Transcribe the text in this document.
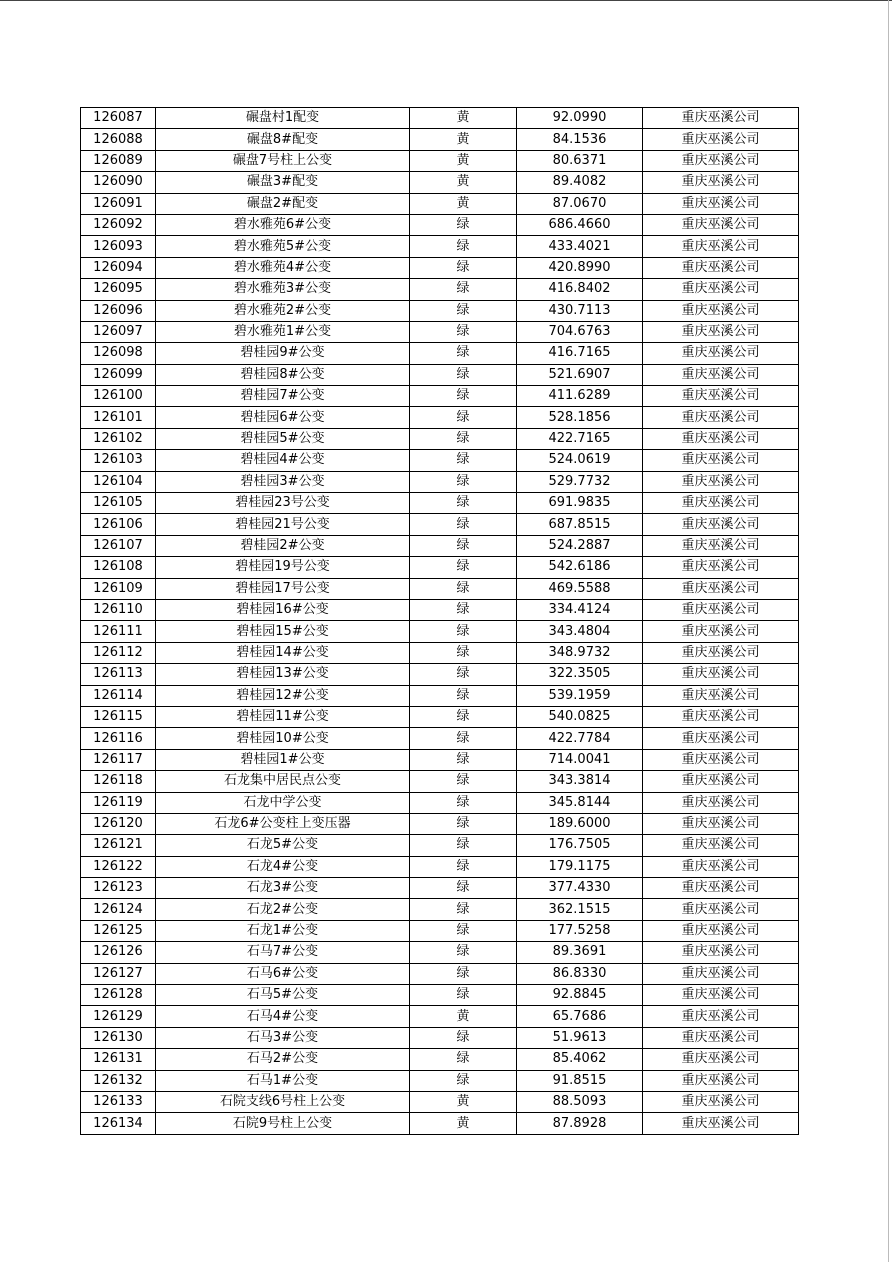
126087	碾盘村1配变	黄	92.0990	重庆巫溪公司
126088	碾盘8#配变	黄	84.1536	重庆巫溪公司
126089	碾盘7号柱上公变	黄	80.6371	重庆巫溪公司
126090	碾盘3#配变	黄	89.4082	重庆巫溪公司
126091	碾盘2#配变	黄	87.0670	重庆巫溪公司
126092	碧水雅苑6#公变	绿	686.4660	重庆巫溪公司
126093	碧水雅苑5#公变	绿	433.4021	重庆巫溪公司
126094	碧水雅苑4#公变	绿	420.8990	重庆巫溪公司
126095	碧水雅苑3#公变	绿	416.8402	重庆巫溪公司
126096	碧水雅苑2#公变	绿	430.7113	重庆巫溪公司
126097	碧水雅苑1#公变	绿	704.6763	重庆巫溪公司
126098	碧桂园9#公变	绿	416.7165	重庆巫溪公司
126099	碧桂园8#公变	绿	521.6907	重庆巫溪公司
126100	碧桂园7#公变	绿	411.6289	重庆巫溪公司
126101	碧桂园6#公变	绿	528.1856	重庆巫溪公司
126102	碧桂园5#公变	绿	422.7165	重庆巫溪公司
126103	碧桂园4#公变	绿	524.0619	重庆巫溪公司
126104	碧桂园3#公变	绿	529.7732	重庆巫溪公司
126105	碧桂园23号公变	绿	691.9835	重庆巫溪公司
126106	碧桂园21号公变	绿	687.8515	重庆巫溪公司
126107	碧桂园2#公变	绿	524.2887	重庆巫溪公司
126108	碧桂园19号公变	绿	542.6186	重庆巫溪公司
126109	碧桂园17号公变	绿	469.5588	重庆巫溪公司
126110	碧桂园16#公变	绿	334.4124	重庆巫溪公司
126111	碧桂园15#公变	绿	343.4804	重庆巫溪公司
126112	碧桂园14#公变	绿	348.9732	重庆巫溪公司
126113	碧桂园13#公变	绿	322.3505	重庆巫溪公司
126114	碧桂园12#公变	绿	539.1959	重庆巫溪公司
126115	碧桂园11#公变	绿	540.0825	重庆巫溪公司
126116	碧桂园10#公变	绿	422.7784	重庆巫溪公司
126117	碧桂园1#公变	绿	714.0041	重庆巫溪公司
126118	石龙集中居民点公变	绿	343.3814	重庆巫溪公司
126119	石龙中学公变	绿	345.8144	重庆巫溪公司
126120	石龙6#公变柱上变压器	绿	189.6000	重庆巫溪公司
126121	石龙5#公变	绿	176.7505	重庆巫溪公司
126122	石龙4#公变	绿	179.1175	重庆巫溪公司
126123	石龙3#公变	绿	377.4330	重庆巫溪公司
126124	石龙2#公变	绿	362.1515	重庆巫溪公司
126125	石龙1#公变	绿	177.5258	重庆巫溪公司
126126	石马7#公变	绿	89.3691	重庆巫溪公司
126127	石马6#公变	绿	86.8330	重庆巫溪公司
126128	石马5#公变	绿	92.8845	重庆巫溪公司
126129	石马4#公变	黄	65.7686	重庆巫溪公司
126130	石马3#公变	绿	51.9613	重庆巫溪公司
126131	石马2#公变	绿	85.4062	重庆巫溪公司
126132	石马1#公变	绿	91.8515	重庆巫溪公司
126133	石院支线6号柱上公变	黄	88.5093	重庆巫溪公司
126134	石院9号柱上公变	黄	87.8928	重庆巫溪公司
